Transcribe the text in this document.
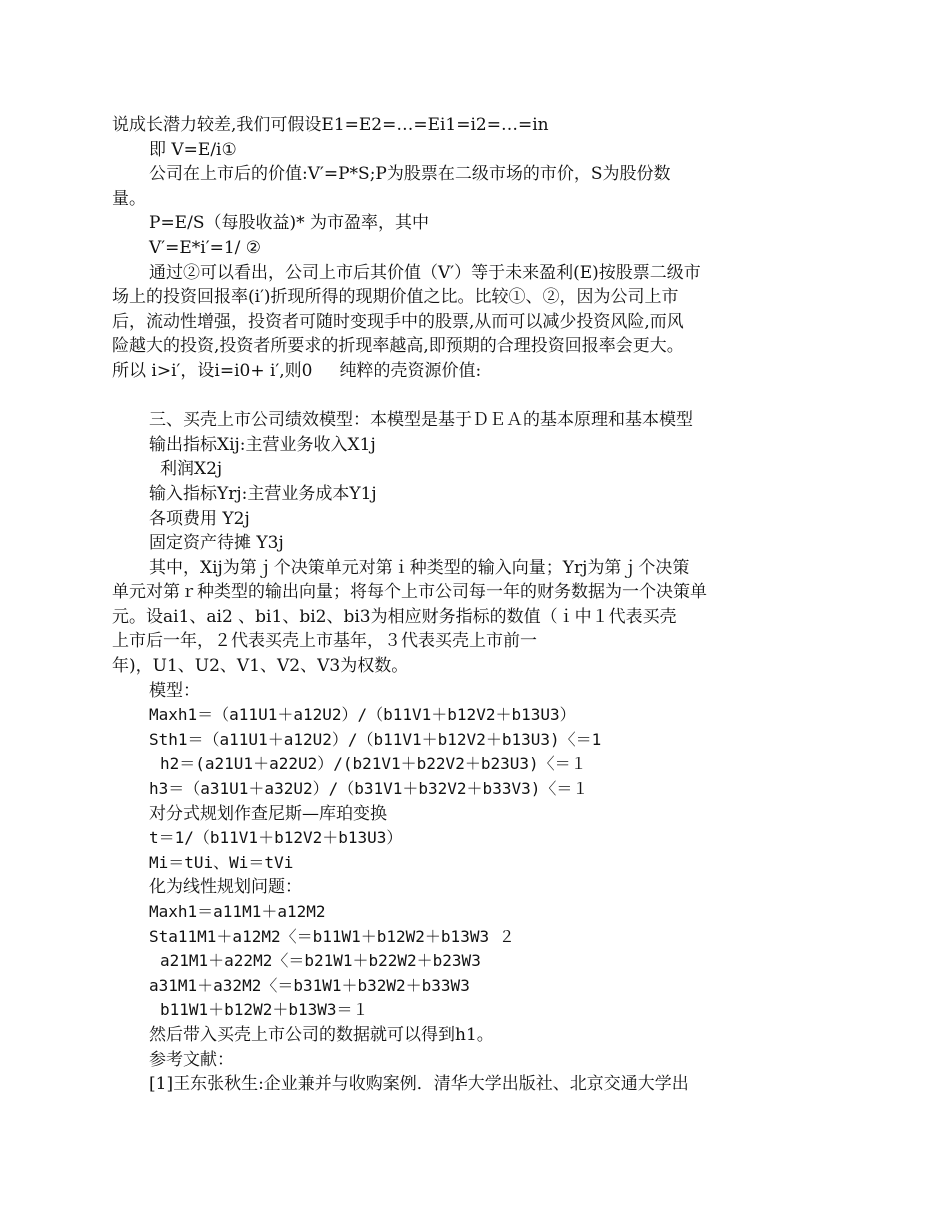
说成长潜力较差,我们可假设E1=E2=…=Ei1=i2=…=in
即 V=E/i①
公司在上市后的价值:V′=P*S;P为股票在二级市场的市价，S为股份数
量。
P=E/S（每股收益)* 为市盈率，其中
V′=E*i′=1/ ②
通过②可以看出，公司上市后其价值（V′）等于未来盈利(E)按股票二级市
场上的投资回报率(i′)折现所得的现期价值之比。比较①、②，因为公司上市
后，流动性增强，投资者可随时变现手中的股票,从而可以减少投资风险,而风
险越大的投资,投资者所要求的折现率越高,即预期的合理投资回报率会更大。
所以 i>i′，设i=i0+ i′,则0     纯粹的壳资源价值:
三、买壳上市公司绩效模型：本模型是基于ＤＥＡ的基本原理和基本模型
输出指标Xij:主营业务收入X1j
利润X2j
输入指标Yrj:主营业务成本Y1j
各项费用 Y2j
固定资产待摊 Y3j
其中，Xij为第ｊ个决策单元对第ｉ种类型的输入向量；Yrj为第ｊ个决策
单元对第ｒ种类型的输出向量；将每个上市公司每一年的财务数据为一个决策单
元。设ai1、ai2 、bi1、bi2、bi3为相应财务指标的数值（ｉ中１代表买壳
上市后一年，２代表买壳上市基年，３代表买壳上市前一
年)，U1、U2、V1、V2、V3为权数。
模型：
Maxh1＝（a11U1＋a12U2）/（b11V1＋b12V2＋b13U3）
Sth1＝（a11U1＋a12U2）/（b11V1＋b12V2＋b13U3)〈＝1
h2＝(a21U1＋a22U2）/(b21V1＋b22V2＋b23U3)〈＝１
h3＝（a31U1＋a32U2）/（b31V1＋b32V2＋b33V3)〈＝１
对分式规划作查尼斯—库珀变换
t＝1/（b11V1＋b12V2＋b13U3）
Mi＝tUi、Wi＝tVi
化为线性规划问题：
Maxh1＝a11M1＋a12M2
Sta11M1＋a12M2〈＝b11W1＋b12W2＋b13W3 ２
a21M1＋a22M2〈＝b21W1＋b22W2＋b23W3
a31M1＋a32M2〈＝b31W1＋b32W2＋b33W3
b11W1＋b12W2＋b13W3＝１
然后带入买壳上市公司的数据就可以得到h1。
参考文献：
[1]王东张秋生:企业兼并与收购案例．清华大学出版社、北京交通大学出
